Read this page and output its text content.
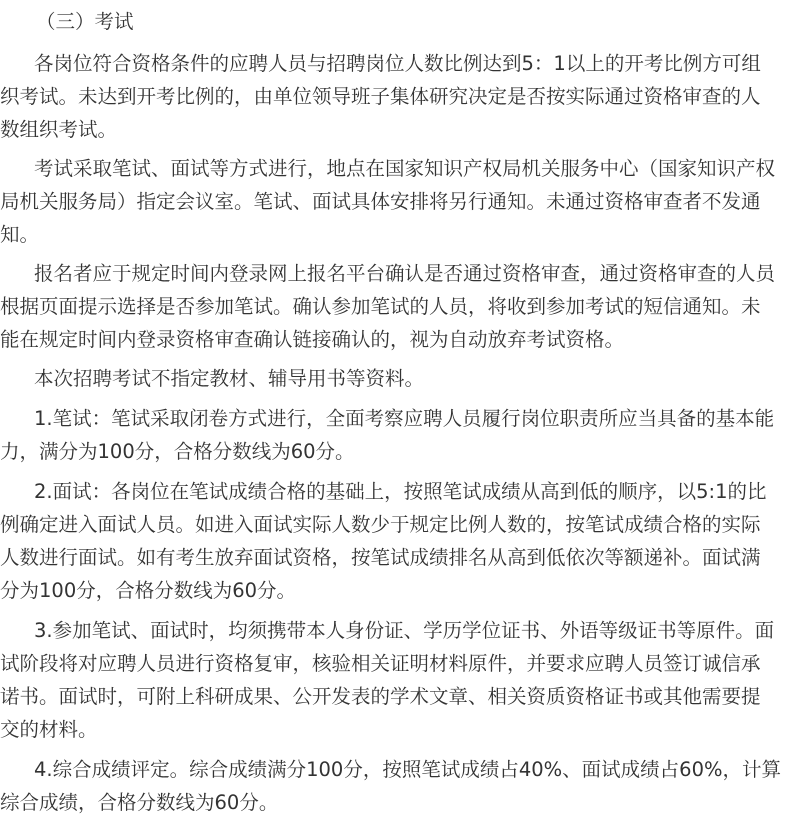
（三）考试
各岗位符合资格条件的应聘人员与招聘岗位人数比例达到5：1以上的开考比例方可组
织考试。未达到开考比例的，由单位领导班子集体研究决定是否按实际通过资格审查的人
数组织考试。
考试采取笔试、面试等方式进行，地点在国家知识产权局机关服务中心（国家知识产权
局机关服务局）指定会议室。笔试、面试具体安排将另行通知。未通过资格审查者不发通
知。
报名者应于规定时间内登录网上报名平台确认是否通过资格审查，通过资格审查的人员
根据页面提示选择是否参加笔试。确认参加笔试的人员，将收到参加考试的短信通知。未
能在规定时间内登录资格审查确认链接确认的，视为自动放弃考试资格。
本次招聘考试不指定教材、辅导用书等资料。
1.笔试：笔试采取闭卷方式进行，全面考察应聘人员履行岗位职责所应当具备的基本能
力，满分为100分，合格分数线为60分。
2.面试：各岗位在笔试成绩合格的基础上，按照笔试成绩从高到低的顺序，以5:1的比
例确定进入面试人员。如进入面试实际人数少于规定比例人数的，按笔试成绩合格的实际
人数进行面试。如有考生放弃面试资格，按笔试成绩排名从高到低依次等额递补。面试满
分为100分，合格分数线为60分。
3.参加笔试、面试时，均须携带本人身份证、学历学位证书、外语等级证书等原件。面
试阶段将对应聘人员进行资格复审，核验相关证明材料原件，并要求应聘人员签订诚信承
诺书。面试时，可附上科研成果、公开发表的学术文章、相关资质资格证书或其他需要提
交的材料。
4.综合成绩评定。综合成绩满分100分，按照笔试成绩占40%、面试成绩占60%，计算
综合成绩，合格分数线为60分。
